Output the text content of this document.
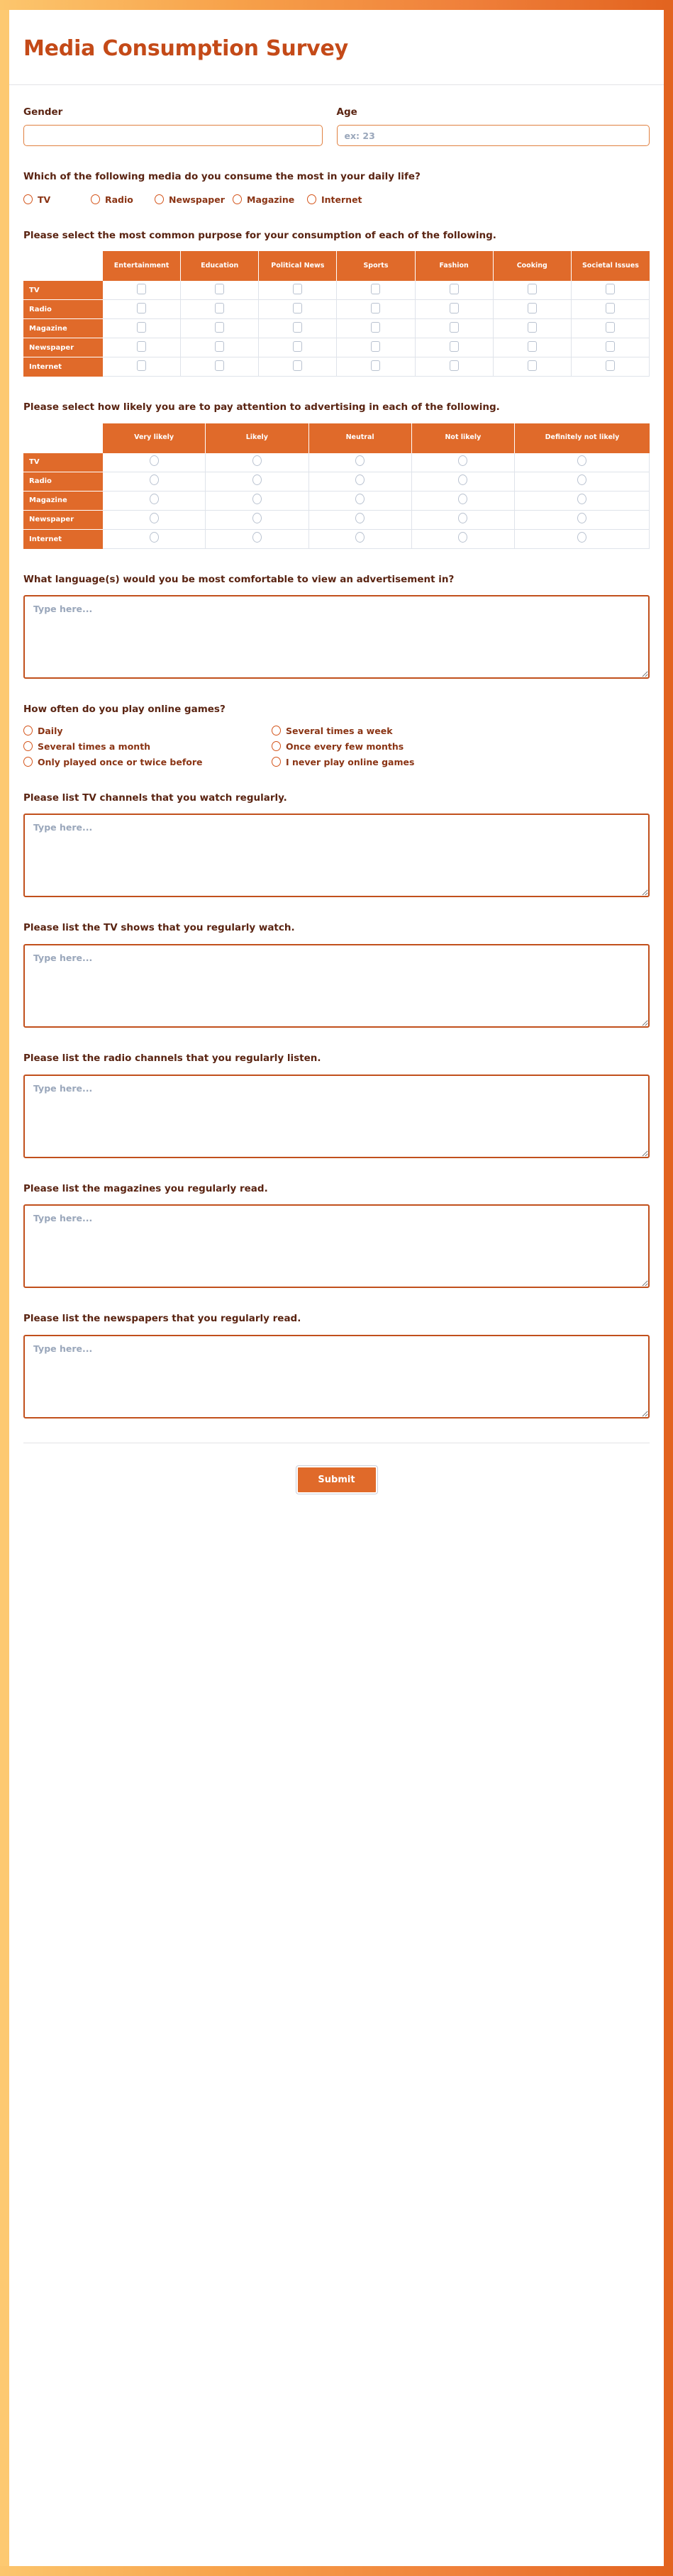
Media Consumption Survey
Gender	Age
ex: 23
Which of the following media do you consume the most in your daily life?
TV	Radio	Newspaper Magazine	Internet
Please select the most common purpose for your consumption of each of the following.
	Entertainment	Education	Political News	Sports	Fashion	Cooking	Societal Issues
TV							
Radio							
Magazine							
Newspaper							
Internet							
Please select how likely you are to pay attention to advertising in each of the following.
	Very likely	Likely	Neutral	Not likely	Definitely not likely
TV					
Radio					
Magazine					
Newspaper					
Internet					
What language(s) would you be most comfortable to view an advertisement in?
Type here...
How often do you play online games?
Daily	Several times a week
Several times a month	Once every few months
Only played once or twice before	I never play online games
Please list TV channels that you watch regularly.
Type here...
Please list the TV shows that you regularly watch.
Type here...
Please list the radio channels that you regularly listen.
Type here...
Please list the magazines you regularly read.
Type here...
Please list the newspapers that you regularly read.
Type here...
Submit
